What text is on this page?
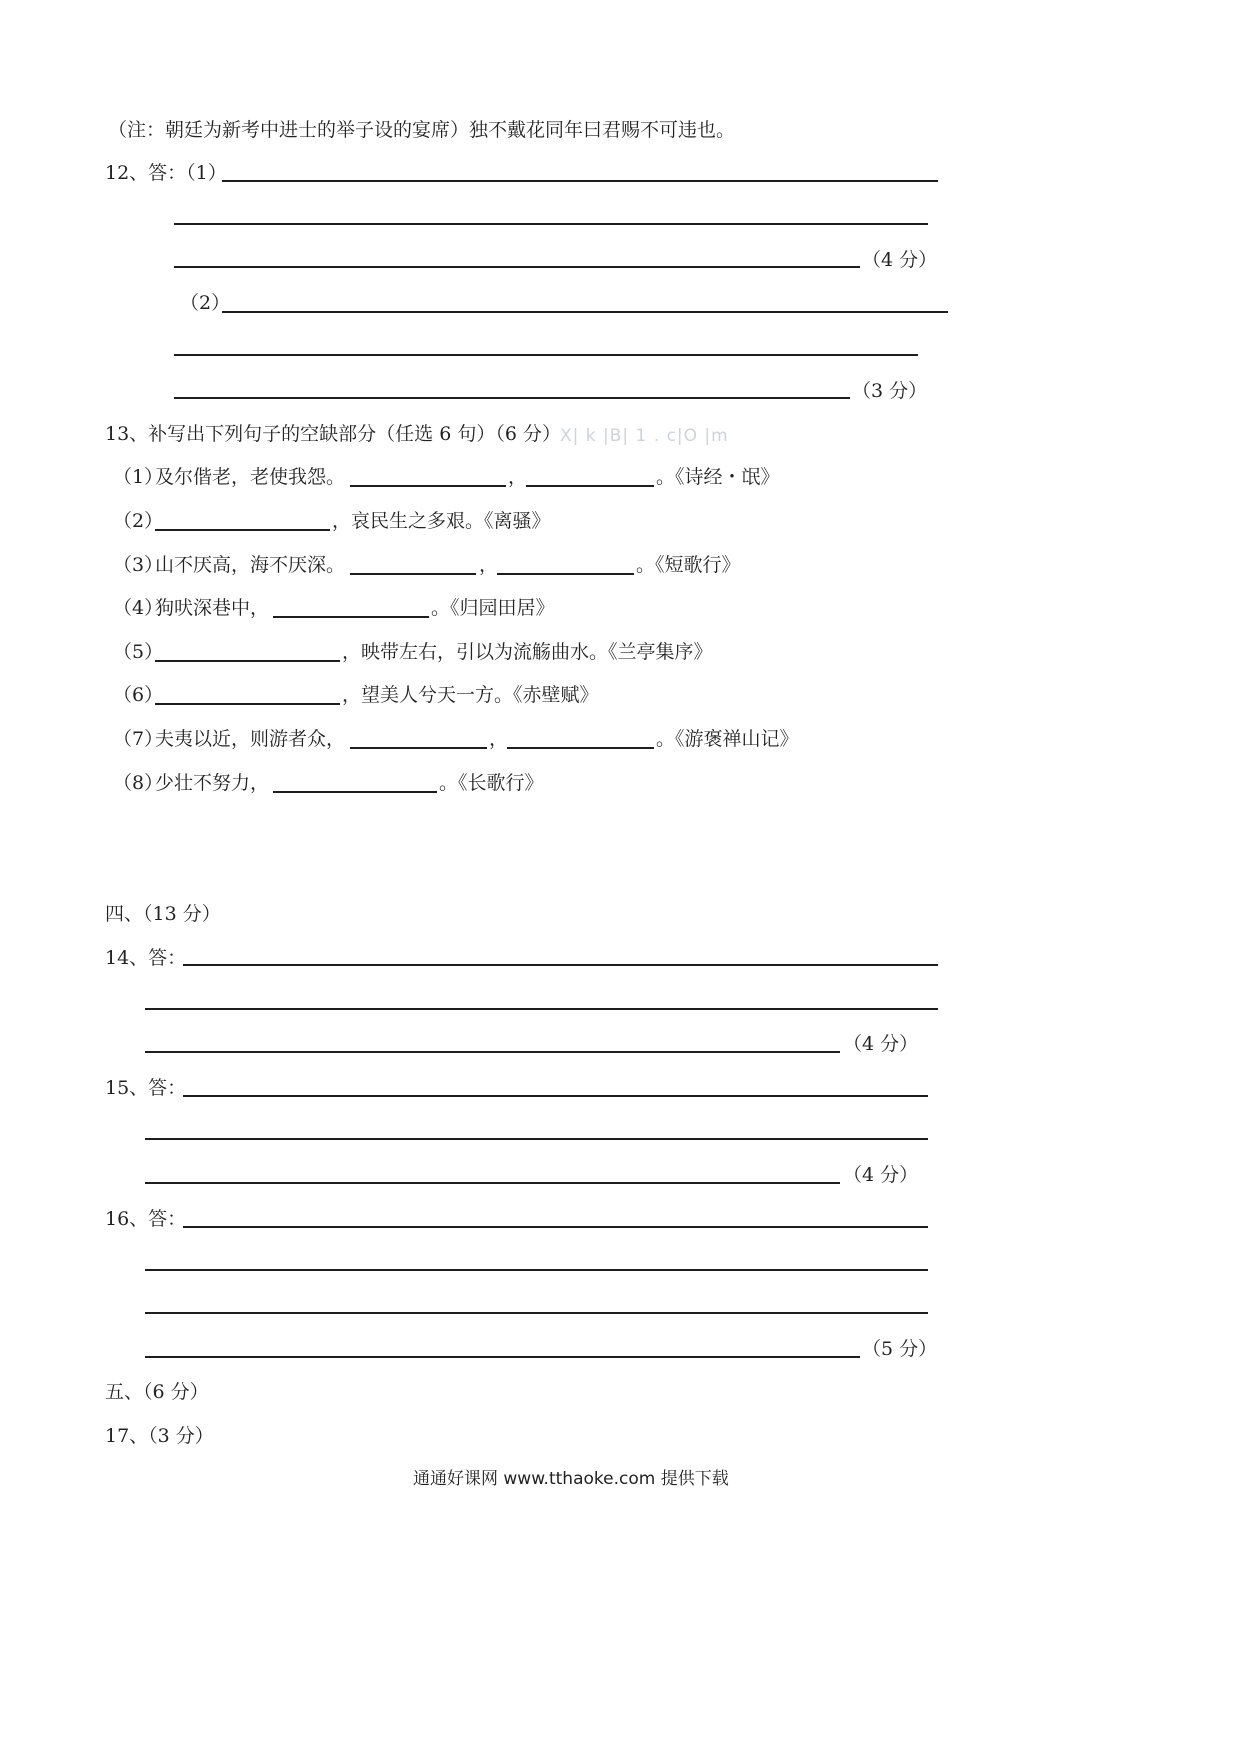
（注：朝廷为新考中进士的举子设的宴席）独不戴花同年曰君赐不可违也。
12、答：（1）
（4 分）
（2）
（3 分）
13、补写出下列句子的空缺部分（任选 6 句）（6 分） X| k |B| 1 . c|O |m
（1）
及尔偕老，老使我怨。	，	。《诗经・氓》
（2）	，哀民生之多艰。《离骚》
（3）
山不厌高，海不厌深。	，	。《短歌行》
（4）
狗吠深巷中，	。《归园田居》
（5）	，映带左右，引以为流觞曲水。《兰亭集序》
（6）	，望美人兮天一方。《赤壁赋》
（7）
夫夷以近，则游者众，	，	。《游褒禅山记》
（8）
少壮不努力，	。《长歌行》
四、（13 分）
14、答：
（4 分）
15、答：
（4 分）
16、答：
（5 分）
五、（6 分）
17、（3 分）
通通好课网 www.tthaoke.com 提供下载
